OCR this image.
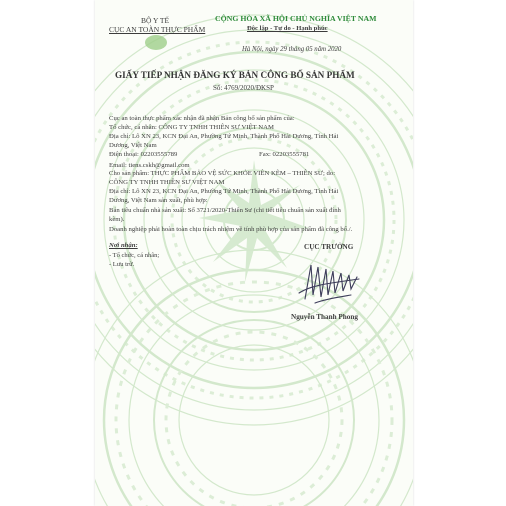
BỘ Y TẾ
CỤC AN TOÀN THỰC PHẨM
CỘNG HÒA XÃ HỘI CHỦ NGHĨA VIỆT NAM
Độc lập - Tự do - Hạnh phúc
Hà Nội, ngày 29 tháng 05 năm 2020
GIẤY TIẾP NHẬN ĐĂNG KÝ BẢN CÔNG BỐ SẢN PHẨM
Số: 4769/2020/ĐKSP
Cục an toàn thực phẩm xác nhận đã nhận Bản công bố sản phẩm của:
Tổ chức, cá nhân: CÔNG TY TNHH THIÊN SƯ VIỆT NAM
Địa chỉ: Lô XN 23, KCN Đại An, Phường Tứ Minh, Thành Phố Hải Dương, Tỉnh Hải
Dương, Việt Nam
Điện thoại: 02203555789	Fax: 02203555781
Email: tiens.cskh@gmail.com
Cho sản phẩm: THỰC PHẨM BẢO VỆ SỨC KHỎE VIÊN KẼM – THIÊN SƯ; do:
CÔNG TY TNHH THIÊN SƯ VIỆT NAM
Địa chỉ: Lô XN 23, KCN Đại An, Phường Tứ Minh, Thành Phố Hải Dương, Tỉnh Hải
Dương, Việt Nam sản xuất, phù hợp:
Bản tiêu chuẩn nhà sản xuất: Số 3721/2020-Thiên Sư (chi tiết tiêu chuẩn sản xuất đính
kèm).
Doanh nghiệp phải hoàn toàn chịu trách nhiệm về tính phù hợp của sản phẩm đã công bố./.
Nơi nhận:
- Tổ chức, cá nhân;
- Lưu trữ.
CỤC TRƯỞNG
Nguyễn Thanh Phong
